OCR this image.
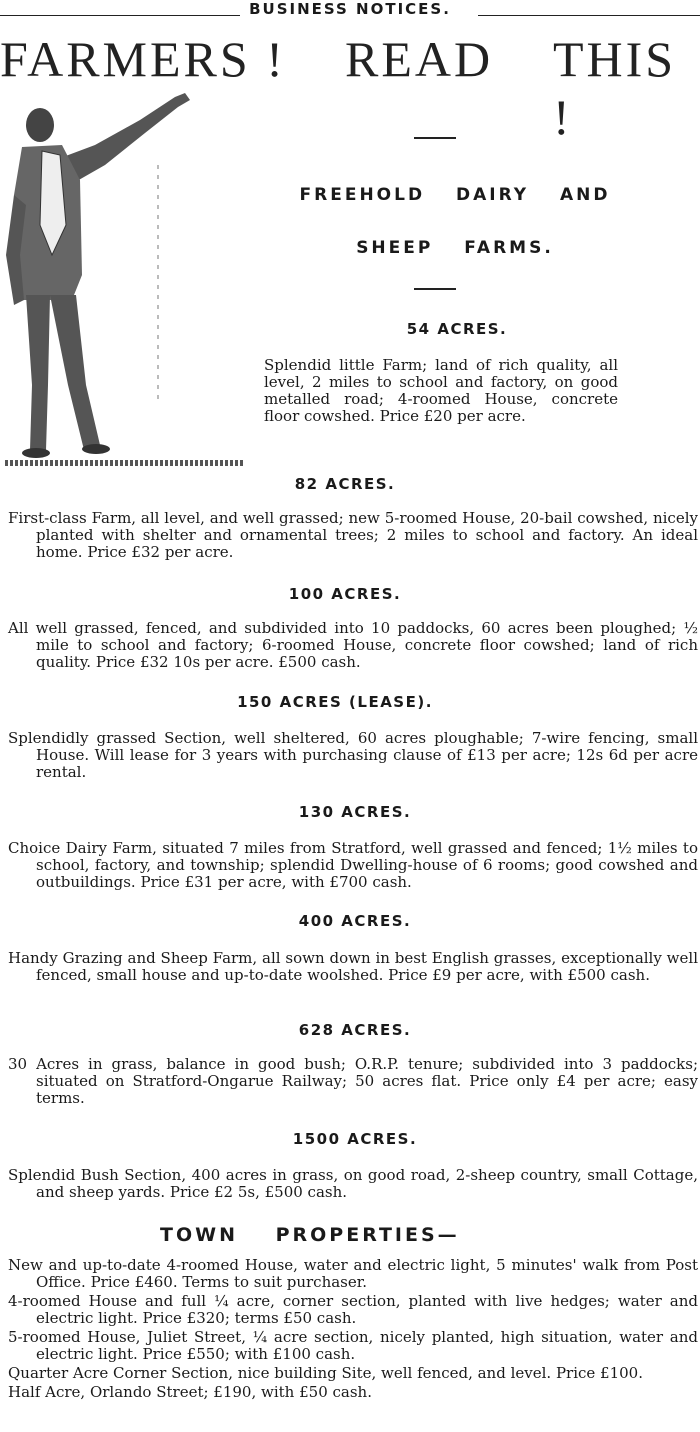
BUSINESS NOTICES.
FARMERS ! READ THIS !
FREEHOLD DAIRY AND
SHEEP FARMS.
54 ACRES.
Splendid little Farm; land of rich quality, all level, 2 miles to school and factory, on good metalled road; 4-roomed House, concrete floor cowshed. Price £20 per acre.
82 ACRES.
First-class Farm, all level, and well grassed; new 5-roomed House, 20-bail cowshed, nicely planted with shelter and ornamental trees; 2 miles to school and factory. An ideal home. Price £32 per acre.
100 ACRES.
All well grassed, fenced, and subdivided into 10 paddocks, 60 acres been ploughed; ½ mile to school and factory; 6-roomed House, concrete floor cowshed; land of rich quality. Price £32 10s per acre. £500 cash.
150 ACRES (LEASE).
Splendidly grassed Section, well sheltered, 60 acres ploughable; 7-wire fencing, small House. Will lease for 3 years with purchasing clause of £13 per acre; 12s 6d per acre rental.
130 ACRES.
Choice Dairy Farm, situated 7 miles from Stratford, well grassed and fenced; 1½ miles to school, factory, and township; splendid Dwelling-house of 6 rooms; good cowshed and outbuildings. Price £31 per acre, with £700 cash.
400 ACRES.
Handy Grazing and Sheep Farm, all sown down in best English grasses, exceptionally well fenced, small house and up-to-date woolshed. Price £9 per acre, with £500 cash.
628 ACRES.
30 Acres in grass, balance in good bush; O.R.P. tenure; subdivided into 3 paddocks; situated on Stratford-Ongarue Railway; 50 acres flat. Price only £4 per acre; easy terms.
1500 ACRES.
Splendid Bush Section, 400 acres in grass, on good road, 2-sheep country, small Cottage, and sheep yards. Price £2 5s, £500 cash.
TOWN PROPERTIES—
New and up-to-date 4-roomed House, water and electric light, 5 minutes' walk from Post Office. Price £460. Terms to suit purchaser.
4-roomed House and full ¼ acre, corner section, planted with live hedges; water and electric light. Price £320; terms £50 cash.
5-roomed House, Juliet Street, ¼ acre section, nicely planted, high situation, water and electric light. Price £550; with £100 cash.
Quarter Acre Corner Section, nice building Site, well fenced, and level. Price £100.
Half Acre, Orlando Street; £190, with £50 cash.
